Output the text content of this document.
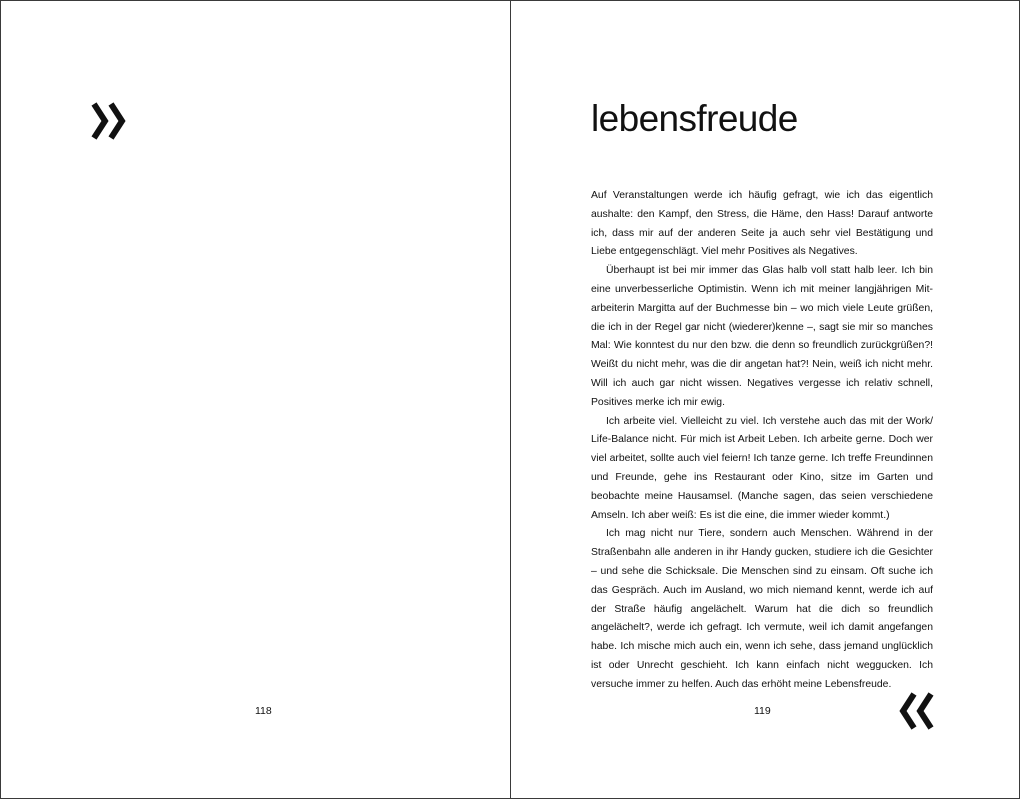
118
lebensfreude

Auf Veranstaltungen werde ich häufig gefragt, wie ich das eigentlich aushalte: den Kampf, den Stress, die Häme, den Hass! Darauf antworte ich, dass mir auf der anderen Seite ja auch sehr viel Bestätigung und Liebe entgegenschlägt. Viel mehr Positives als Negatives.

Überhaupt ist bei mir immer das Glas halb voll statt halb leer. Ich bin eine unverbesserliche Optimistin. Wenn ich mit meiner langjährigen Mitarbeiterin Margitta auf der Buchmesse bin – wo mich viele Leute grüßen, die ich in der Regel gar nicht (wiederer)kenne –, sagt sie mir so manches Mal: Wie konntest du nur den bzw. die denn so freundlich zurückgrüßen?! Weißt du nicht mehr, was die dir angetan hat?! Nein, weiß ich nicht mehr. Will ich auch gar nicht wissen. Negatives vergesse ich relativ schnell, Positives merke ich mir ewig.

Ich arbeite viel. Vielleicht zu viel. Ich verstehe auch das mit der Work/​Life-Balance nicht. Für mich ist Arbeit Leben. Ich arbeite gerne. Doch wer viel arbeitet, sollte auch viel feiern! Ich tanze gerne. Ich treffe Freundinnen und Freunde, gehe ins Restaurant oder Kino, sitze im Garten und beobachte meine Hausamsel. (Manche sagen, das seien verschiedene Amseln. Ich aber weiß: Es ist die eine, die immer wieder kommt.)

Ich mag nicht nur Tiere, sondern auch Menschen. Während in der Straßenbahn alle anderen in ihr Handy gucken, studiere ich die Gesichter – und sehe die Schicksale. Die Menschen sind zu einsam. Oft suche ich das Gespräch. Auch im Ausland, wo mich niemand kennt, werde ich auf der Straße häufig angelächelt. Warum hat die dich so freundlich angelächelt?, werde ich gefragt. Ich vermute, weil ich damit angefangen habe. Ich mische mich auch ein, wenn ich sehe, dass jemand unglücklich ist oder Unrecht geschieht. Ich kann einfach nicht weggucken. Ich versuche immer zu helfen. Auch das erhöht meine Lebensfreude.

119
